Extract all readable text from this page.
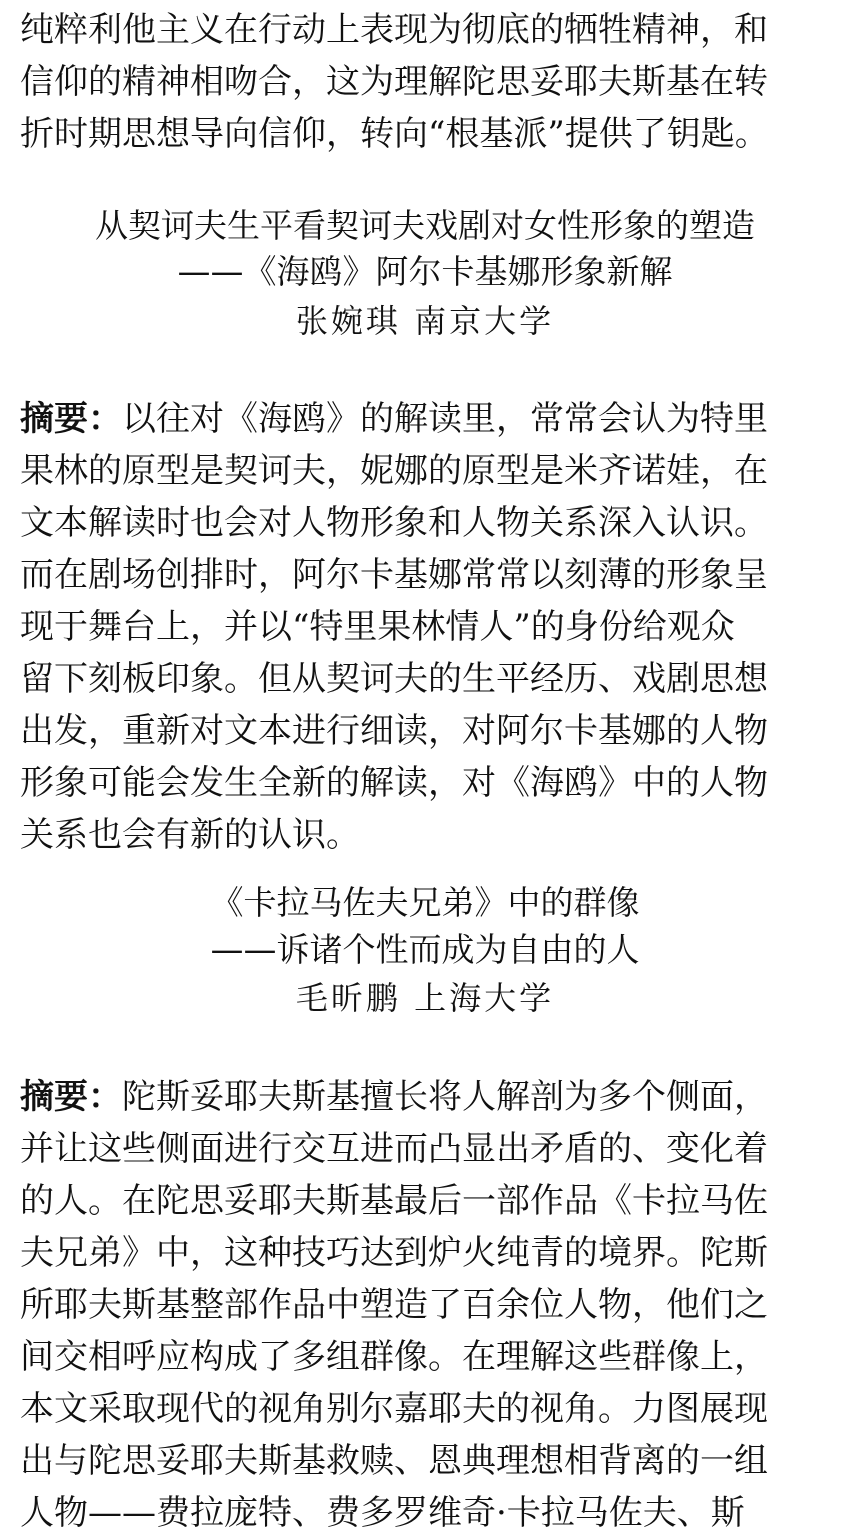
纯粹利他主义在行动上表现为彻底的牺牲精神，和
信仰的精神相吻合，这为理解陀思妥耶夫斯基在转
折时期思想导向信仰，转向“根基派”提供了钥匙。
从契诃夫生平看契诃夫戏剧对女性形象的塑造
——《海鸥》阿尔卡基娜形象新解
张婉琪 南京大学
摘要：以往对《海鸥》的解读里，常常会认为特里
果林的原型是契诃夫，妮娜的原型是米齐诺娃，在
文本解读时也会对人物形象和人物关系深入认识。
而在剧场创排时，阿尔卡基娜常常以刻薄的形象呈
现于舞台上，并以“特里果林情人”的身份给观众
留下刻板印象。但从契诃夫的生平经历、戏剧思想
出发，重新对文本进行细读，对阿尔卡基娜的人物
形象可能会发生全新的解读，对《海鸥》中的人物
关系也会有新的认识。
《卡拉马佐夫兄弟》中的群像
——诉诸个性而成为自由的人
毛昕鹏 上海大学
摘要：陀斯妥耶夫斯基擅长将人解剖为多个侧面，
并让这些侧面进行交互进而凸显出矛盾的、变化着
的人。在陀思妥耶夫斯基最后一部作品《卡拉马佐
夫兄弟》中，这种技巧达到炉火纯青的境界。陀斯
所耶夫斯基整部作品中塑造了百余位人物，他们之
间交相呼应构成了多组群像。在理解这些群像上，
本文采取现代的视角别尔嘉耶夫的视角。力图展现
出与陀思妥耶夫斯基救赎、恩典理想相背离的一组
人物——费拉庞特、费多罗维奇·卡拉马佐夫、斯
